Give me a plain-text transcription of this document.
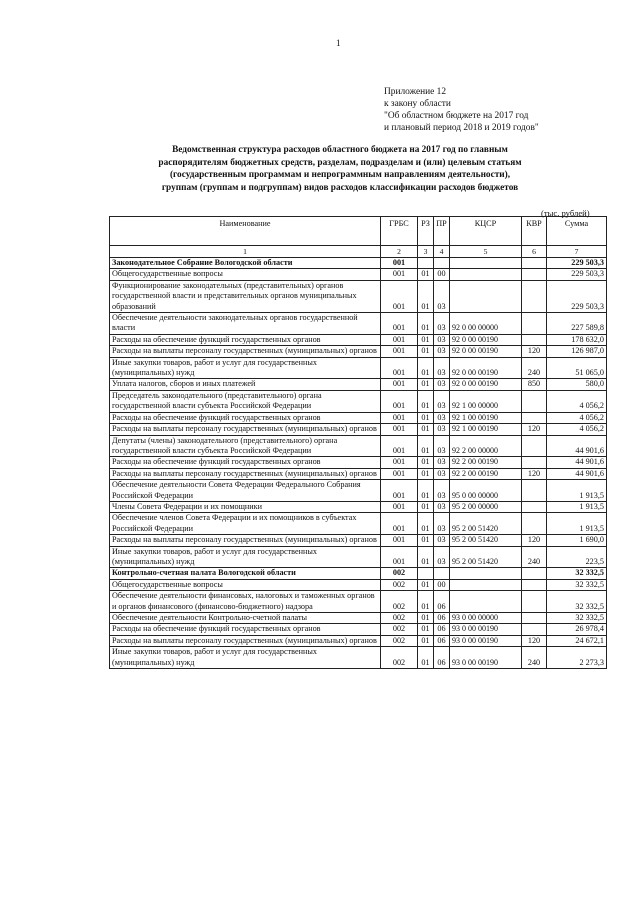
1
Приложение 12
к закону области
"Об областном бюджете на 2017 год
и плановый период 2018 и 2019 годов"
Ведомственная структура расходов областного бюджета на 2017 год по главным
распорядителям бюджетных средств, разделам, подразделам и (или) целевым статьям
(государственным программам и непрограммным направлениям деятельности),
группам (группам и подгруппам) видов расходов классификации расходов бюджетов
(тыс. рублей)
Наименование	ГРБС	РЗ	ПР	КЦСР	КВР	Сумма
1	2	3	4	5	6	7
Законодательное Собрание Вологодской области	001					229 503,3
Общегосударственные вопросы	001	01	00			229 503,3
Функционирование законодательных (представительных) органов государственной власти и представительных органов муниципальных образований	001	01	03			229 503,3
Обеспечение деятельности законодательных органов государственной власти	001	01	03	92 0 00 00000		227 589,8
Расходы на обеспечение функций государственных органов	001	01	03	92 0 00 00190		178 632,0
Расходы на выплаты персоналу государственных (муниципальных) органов	001	01	03	92 0 00 00190	120	126 987,0
Иные закупки товаров, работ и услуг для государственных (муниципальных) нужд	001	01	03	92 0 00 00190	240	51 065,0
Уплата налогов, сборов и иных платежей	001	01	03	92 0 00 00190	850	580,0
Председатель законодательного (представительного) органа государственной власти субъекта Российской Федерации	001	01	03	92 1 00 00000		4 056,2
Расходы на обеспечение функций государственных органов	001	01	03	92 1 00 00190		4 056,2
Расходы на выплаты персоналу государственных (муниципальных) органов	001	01	03	92 1 00 00190	120	4 056,2
Депутаты (члены) законодательного (представительного) органа государственной власти субъекта Российской Федерации	001	01	03	92 2 00 00000		44 901,6
Расходы на обеспечение функций государственных органов	001	01	03	92 2 00 00190		44 901,6
Расходы на выплаты персоналу государственных (муниципальных) органов	001	01	03	92 2 00 00190	120	44 901,6
Обеспечение деятельности Совета Федерации Федерального Собрания Российской Федерации	001	01	03	95 0 00 00000		1 913,5
Члены Совета Федерации и их помощники	001	01	03	95 2 00 00000		1 913,5
Обеспечение членов Совета Федерации и их помощников в субъектах Российской Федерации	001	01	03	95 2 00 51420		1 913,5
Расходы на выплаты персоналу государственных (муниципальных) органов	001	01	03	95 2 00 51420	120	1 690,0
Иные закупки товаров, работ и услуг для государственных (муниципальных) нужд	001	01	03	95 2 00 51420	240	223,5
Контрольно-счетная палата Вологодской области	002					32 332,5
Общегосударственные вопросы	002	01	00			32 332,5
Обеспечение деятельности финансовых, налоговых и таможенных органов и органов финансового (финансово-бюджетного) надзора	002	01	06			32 332,5
Обеспечение деятельности Контрольно-счетной палаты	002	01	06	93 0 00 00000		32 332,5
Расходы на обеспечение функций государственных органов	002	01	06	93 0 00 00190		26 978,4
Расходы на выплаты персоналу государственных (муниципальных) органов	002	01	06	93 0 00 00190	120	24 672,1
Иные закупки товаров, работ и услуг для государственных (муниципальных) нужд	002	01	06	93 0 00 00190	240	2 273,3
